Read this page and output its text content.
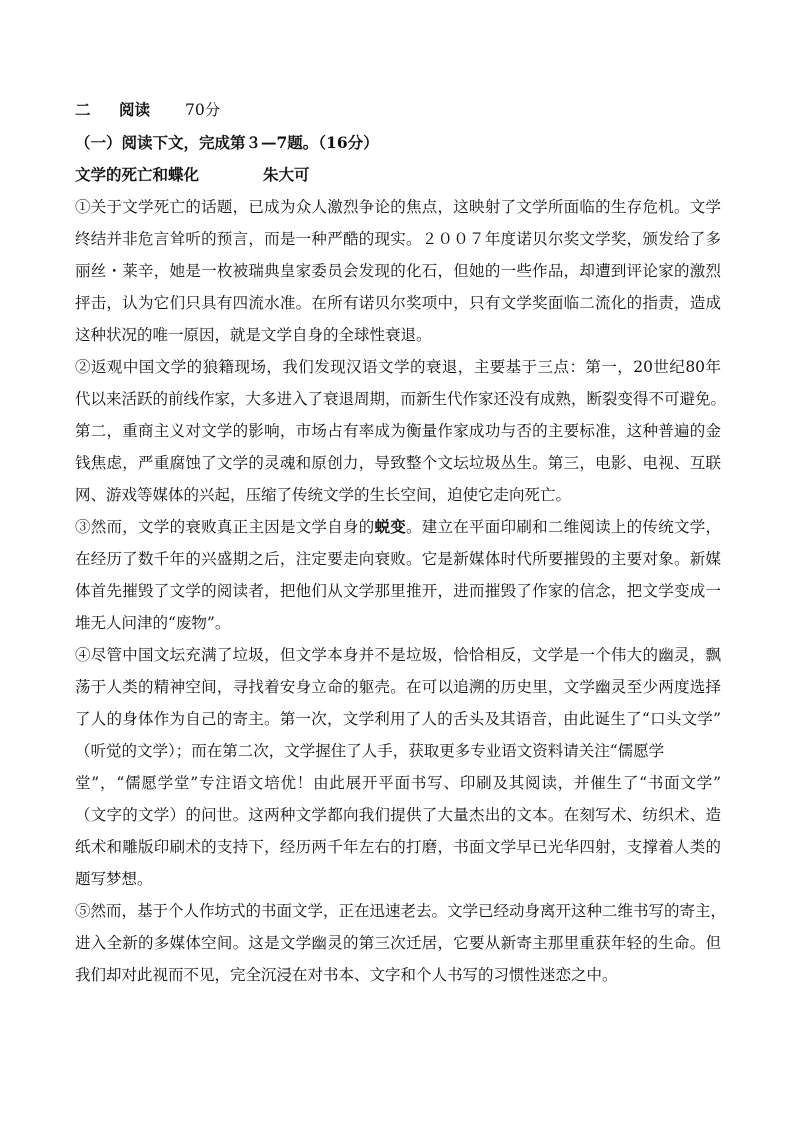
二 阅读 70分
（一）阅读下文，完成第３—7题。（16分）
文学的死亡和蝶化	朱大可
①关于文学死亡的话题，已成为众人激烈争论的焦点，这映射了文学所面临的生存危机。文学
终结并非危言耸听的预言，而是一种严酷的现实。２００７年度诺贝尔奖文学奖，颁发给了多
丽丝・莱辛，她是一枚被瑞典皇家委员会发现的化石，但她的一些作品，却遭到评论家的激烈
抨击，认为它们只具有四流水准。在所有诺贝尔奖项中，只有文学奖面临二流化的指责，造成
这种状况的唯一原因，就是文学自身的全球性衰退。
②返观中国文学的狼籍现场，我们发现汉语文学的衰退，主要基于三点：第一，20世纪80年
代以来活跃的前线作家，大多进入了衰退周期，而新生代作家还没有成熟，断裂变得不可避免。
第二，重商主义对文学的影响，市场占有率成为衡量作家成功与否的主要标准，这种普遍的金
钱焦虑，严重腐蚀了文学的灵魂和原创力，导致整个文坛垃圾丛生。第三，电影、电视、互联
网、游戏等媒体的兴起，压缩了传统文学的生长空间，迫使它走向死亡。
③然而，文学的衰败真正主因是文学自身的蜕变。建立在平面印刷和二维阅读上的传统文学，
在经历了数千年的兴盛期之后，注定要走向衰败。它是新媒体时代所要摧毁的主要对象。新媒
体首先摧毁了文学的阅读者，把他们从文学那里推开，进而摧毁了作家的信念，把文学变成一
堆无人问津的“废物”。
④尽管中国文坛充满了垃圾，但文学本身并不是垃圾，恰恰相反，文学是一个伟大的幽灵，飘
荡于人类的精神空间，寻找着安身立命的躯壳。在可以追溯的历史里，文学幽灵至少两度选择
了人的身体作为自己的寄主。第一次，文学利用了人的舌头及其语音，由此诞生了“口头文学”
（听觉的文学）；而在第二次，文学握住了人手，获取更多专业语文资料请关注“儒愿学
堂”，“儒愿学堂”专注语文培优！由此展开平面书写、印刷及其阅读，并催生了“书面文学”
（文字的文学）的问世。这两种文学都向我们提供了大量杰出的文本。在刻写术、纺织术、造
纸术和雕版印刷术的支持下，经历两千年左右的打磨，书面文学早已光华四射，支撑着人类的
题写梦想。
⑤然而，基于个人作坊式的书面文学，正在迅速老去。文学已经动身离开这种二维书写的寄主，
进入全新的多媒体空间。这是文学幽灵的第三次迁居，它要从新寄主那里重获年轻的生命。但
我们却对此视而不见，完全沉浸在对书本、文字和个人书写的习惯性迷恋之中。
